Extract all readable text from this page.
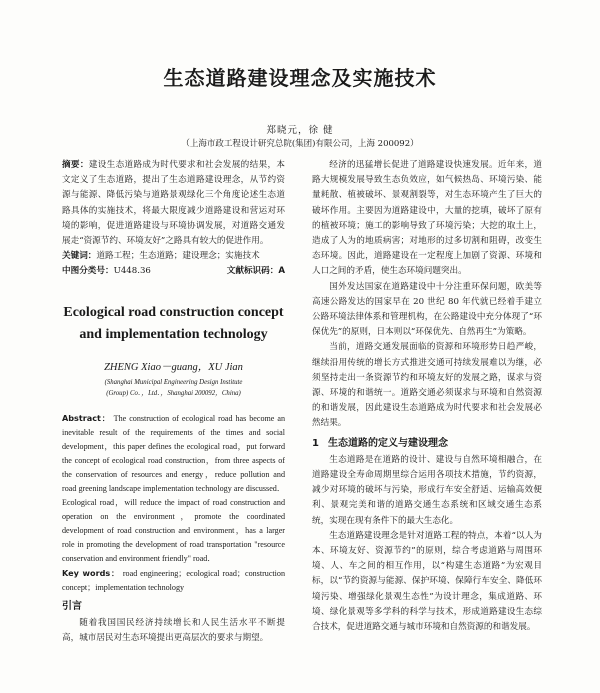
生态道路建设理念及实施技术
郑晓元，徐 健
（上海市政工程设计研究总院(集团)有限公司，上海 200092）
摘要：建设生态道路成为时代要求和社会发展的结果，本文定义了生态道路，提出了生态道路建设理念，从节约资源与能源、降低污染与道路景观绿化三个角度论述生态道路具体的实施技术，将最大限度减少道路建设和营运对环境的影响，促进道路建设与环境协调发展，对道路交通发展走“资源节约、环境友好”之路具有较大的促进作用。
关键词：道路工程；生态道路；建设理念；实施技术
中图分类号：U448.36	文献标识码：A
Ecological road construction concept
and implementation technology
ZHENG Xiao－guang，XU Jian
(Shanghai Municipal Engineering Design Institute
(Group) Co．，Ltd．，Shanghai 200092，China)
Abstract： The construction of ecological road has become an inevitable result of the requirements of the times and social development，this paper defines the ecological road，put forward the concept of ecological road construction，from three aspects of the conservation of resources and energy，reduce pollution and road greening landscape implementation technology are discussed．Ecological road，will reduce the impact of road construction and operation on the environment，promote the coordinated development of road construction and environment，has a larger role in promoting the development of road transportation "resource conservation and environment friendly" road．
Key words： road engineering；ecological road；construction concept；implementation technology
引言

随着我国国民经济持续增长和人民生活水平不断提高，城市居民对生态环境提出更高层次的要求与期望。

经济的迅猛增长促进了道路建设快速发展。近年来，道路大规模发展导致生态负效应，如气候热岛、环境污染、能量耗散、植被破坏、景观割裂等，对生态环境产生了巨大的破坏作用。主要因为道路建设中，大量的挖填，破坏了原有的植被环境；施工的影响导致了环境污染；大挖的取土上，造成了人为的地质病害；对地形的过多切割和阻碍，改变生态环境。因此，道路建设在一定程度上加剧了资源、环境和人口之间的矛盾，使生态环境问题突出。

国外发达国家在道路建设中十分注重环保问题，欧美等高速公路发达的国家早在 20 世纪 80 年代就已经着手建立公路环境法律体系和管理机构，在公路建设中充分体现了“环保优先”的原则，日本则以“环保优先、自然再生”为策略。

当前，道路交通发展面临的资源和环境形势日趋严峻，继续沿用传统的增长方式推进交通可持续发展难以为继，必须坚持走出一条资源节约和环境友好的发展之路，谋求与资源、环境的和谐统一。道路交通必须谋求与环境和自然资源的和谐发展，因此建设生态道路成为时代要求和社会发展必然结果。

1 生态道路的定义与建设理念

生态道路是在道路的设计、建设与自然环境相融合，在道路建设全寿命周期里综合运用各项技术措施，节约资源，减少对环境的破坏与污染，形成行车安全舒适、运输高效便利、景观完美和谐的道路交通生态系统和区域交通生态系统，实现在现有条件下的最大生态化。

生态道路建设理念是针对道路工程的特点，本着“以人为本、环境友好、资源节约”的原则，综合考虑道路与周围环境、人、车之间的相互作用，以“构建生态道路”为宏观目标，以“节约资源与能源、保护环境、保障行车安全、降低环境污染、增强绿化景观生态性”为设计理念，集成道路、环境、绿化景观等多学科的科学与技术，形成道路建设生态综合技术，促进道路交通与城市环境和自然资源的和谐发展。
